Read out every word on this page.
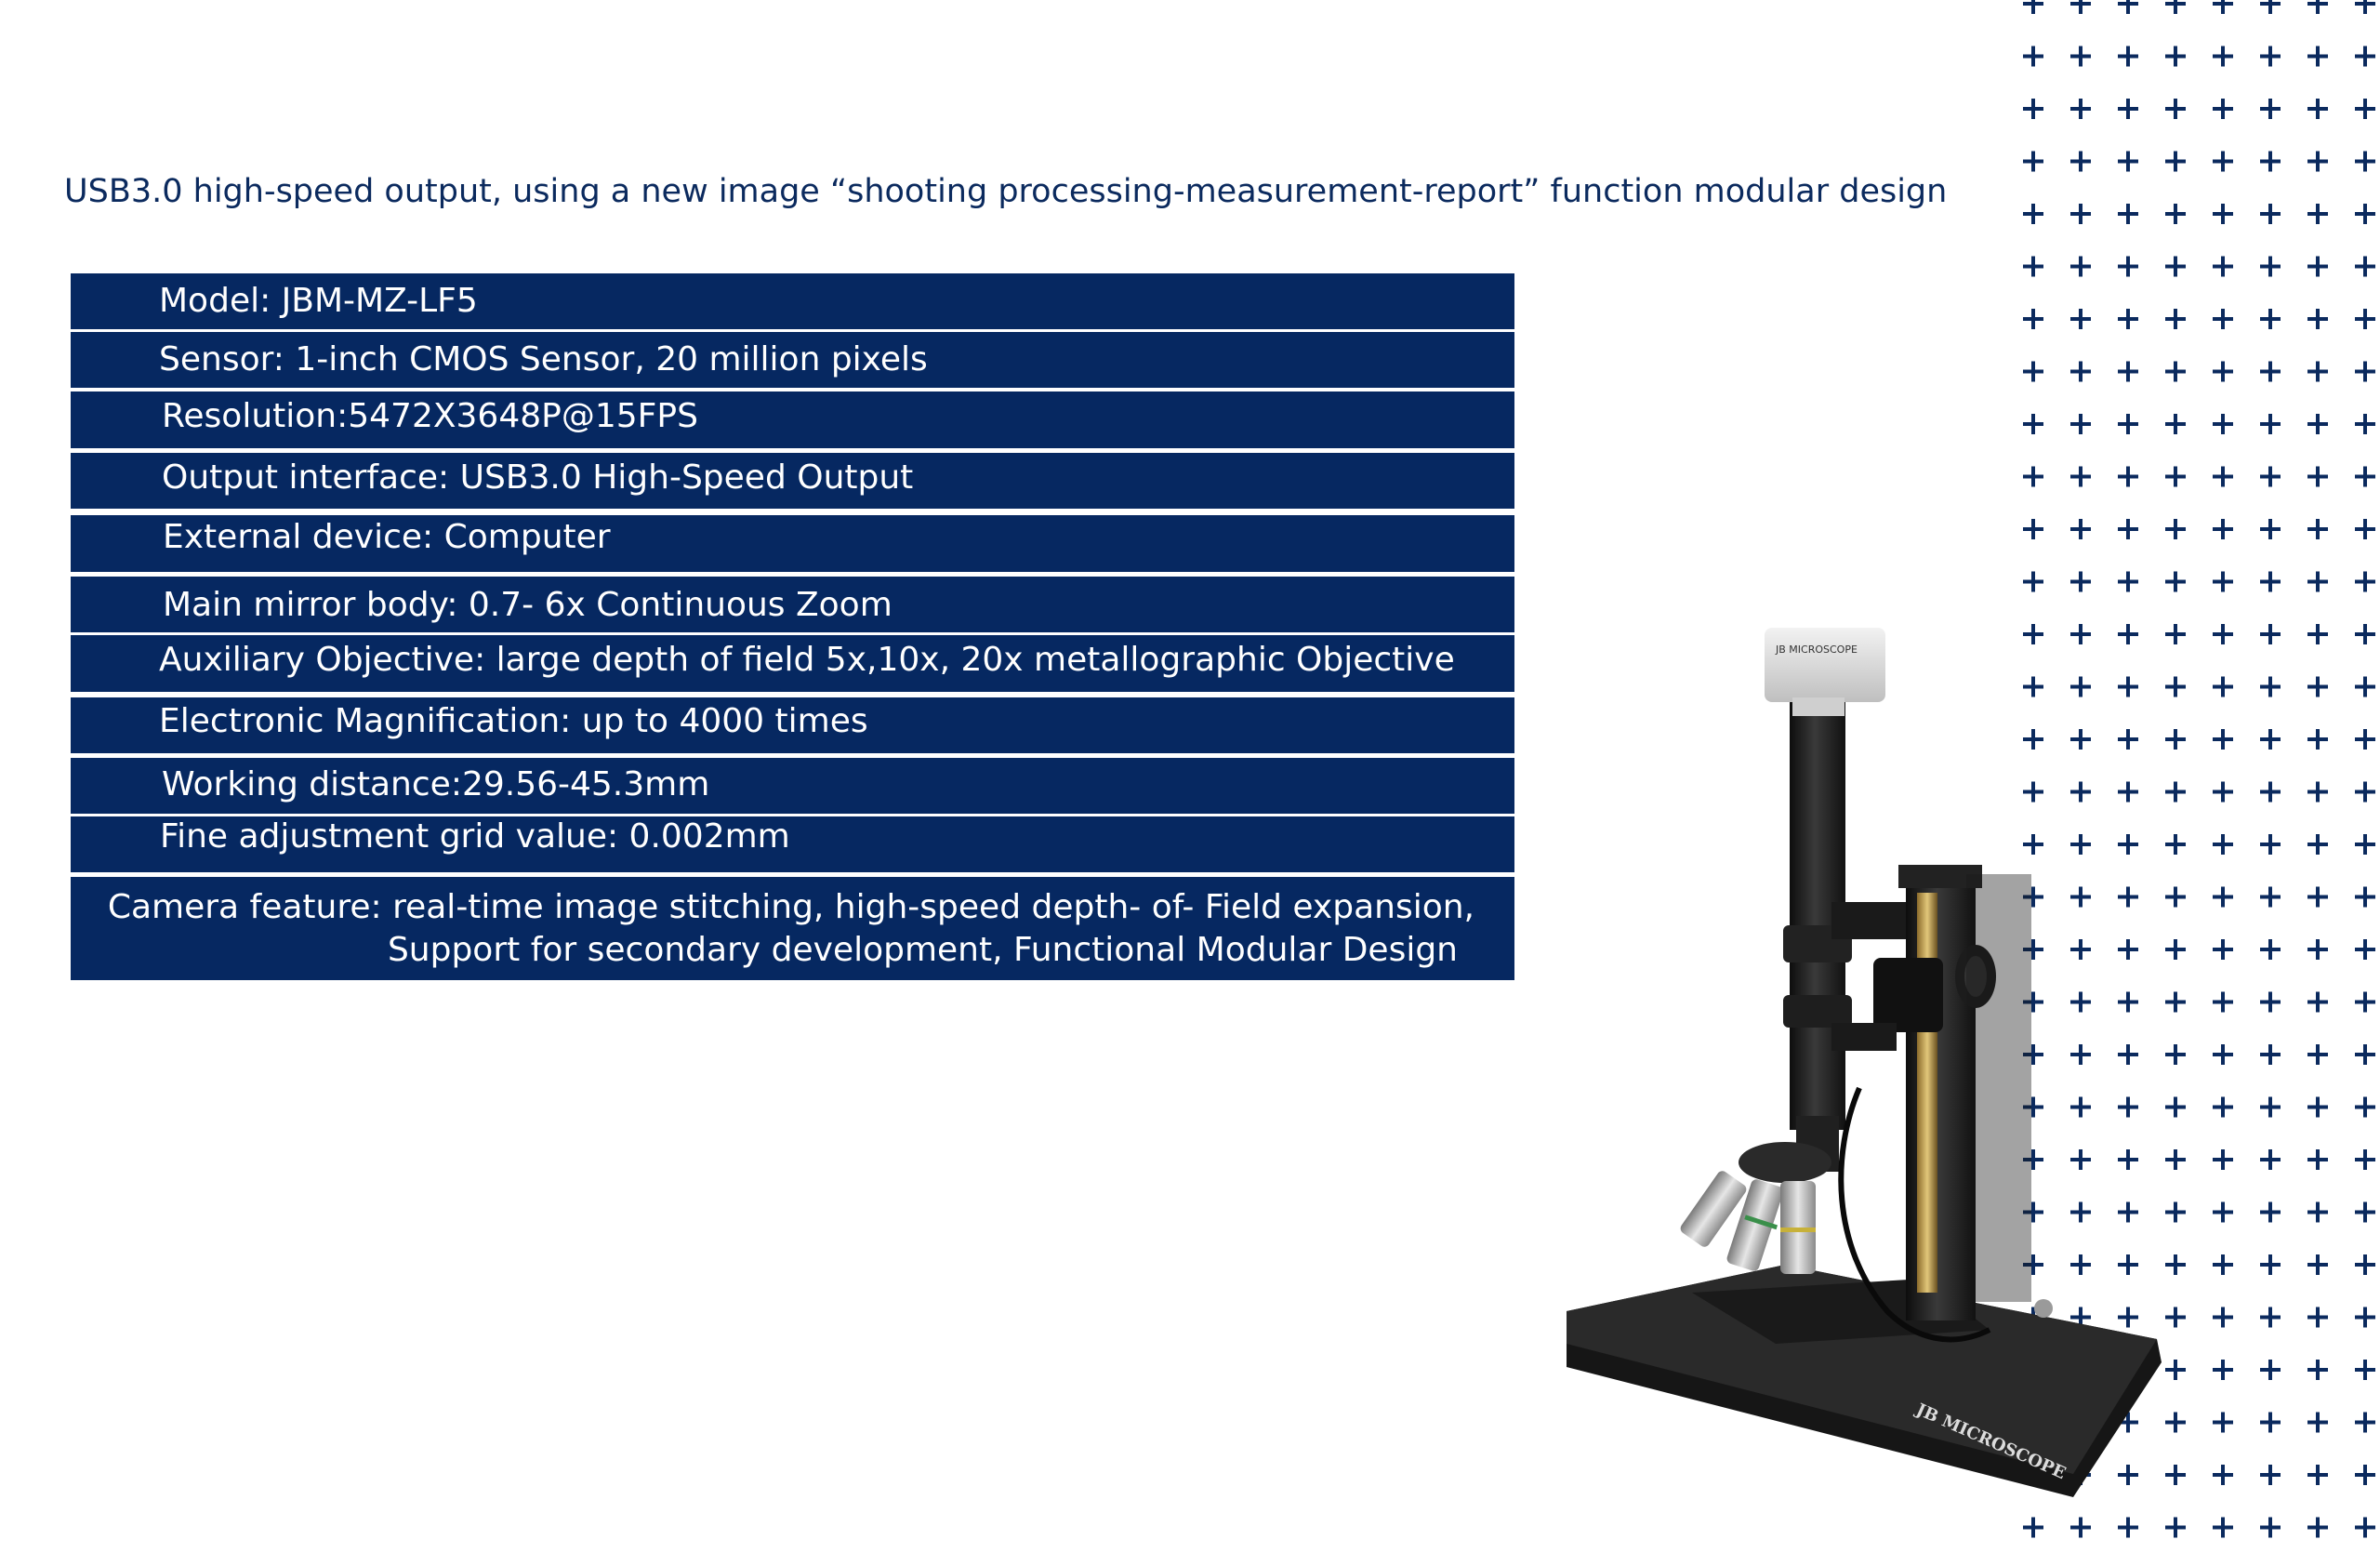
USB3.0 high-speed output, using a new image “shooting processing-measurement-report” function modular design
Model: JBM-MZ-LF5
Sensor: 1-inch CMOS Sensor, 20 million pixels
Resolution:5472X3648P@15FPS
Output interface: USB3.0 High-Speed Output
External device: Computer
Main mirror body: 0.7- 6x Continuous Zoom
Auxiliary Objective: large depth of field 5x,10x, 20x metallographic Objective
Electronic Magnification: up to 4000 times
Working distance:29.56-45.3mm
Fine adjustment grid value: 0.002mm
Camera feature: real-time image stitching, high-speed depth- of- Field expansion,
Support for secondary development, Functional Modular Design
JB MICROSCOPE
JB MICROSCOPE
